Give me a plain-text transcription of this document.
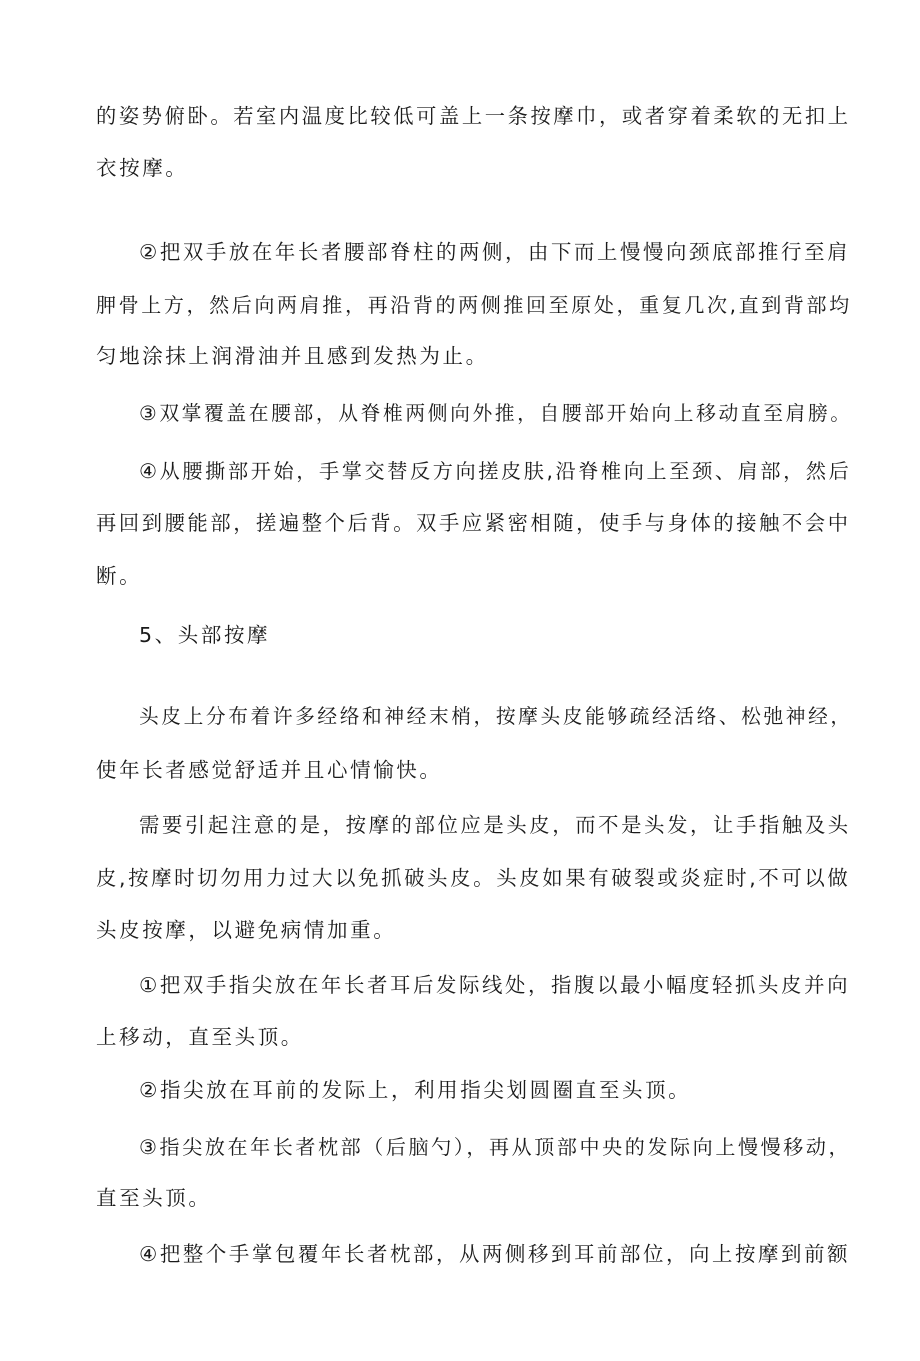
的姿势俯卧。若室内温度比较低可盖上一条按摩巾，或者穿着柔软的无扣上
衣按摩。
②把双手放在年长者腰部脊柱的两侧，由下而上慢慢向颈底部推行至肩
胛骨上方，然后向两肩推，再沿背的两侧推回至原处，重复几次,直到背部均
匀地涂抹上润滑油并且感到发热为止。
③双掌覆盖在腰部，从脊椎两侧向外推，自腰部开始向上移动直至肩膀。
④从腰撕部开始，手掌交替反方向搓皮肤,沿脊椎向上至颈、肩部，然后
再回到腰能部，搓遍整个后背。双手应紧密相随，使手与身体的接触不会中
断。
5、头部按摩
头皮上分布着许多经络和神经末梢，按摩头皮能够疏经活络、松弛神经，
使年长者感觉舒适并且心情愉快。
需要引起注意的是，按摩的部位应是头皮，而不是头发，让手指触及头
皮,按摩时切勿用力过大以免抓破头皮。头皮如果有破裂或炎症时,不可以做
头皮按摩，以避免病情加重。
①把双手指尖放在年长者耳后发际线处，指腹以最小幅度轻抓头皮并向
上移动，直至头顶。
②指尖放在耳前的发际上，利用指尖划圆圈直至头顶。
③指尖放在年长者枕部（后脑勺），再从顶部中央的发际向上慢慢移动，
直至头顶。
④把整个手掌包覆年长者枕部，从两侧移到耳前部位，向上按摩到前额
